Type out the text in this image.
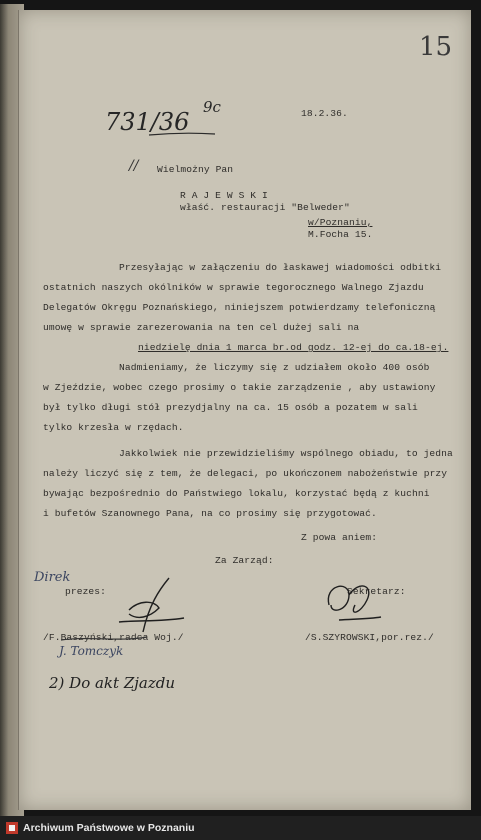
15
731/36
9c	18.2.36.
// Wielmożny Pan
R A J E W S K I
właść. restauracji "Belweder"
w/Poznaniu,
M.Focha 15.
Przesyłając w załączeniu do łaskawej wiadomości odbitki
ostatnich naszych okólników w sprawie tegorocznego Walnego Zjazdu
Delegatów Okręgu Poznańskiego, niniejszem potwierdzamy telefoniczną
umowę w sprawie zarezerowania na ten cel dużej sali na
niedzielę dnia 1 marca br.od godz. 12-ej do ca.18-ej.
Nadmieniamy, że liczymy się z udziałem około 400 osób
w Zjeździe, wobec czego prosimy o takie zarządzenie , aby ustawiony
był tylko długi stół prezydjalny na ca. 15 osób a pozatem w sali
tylko krzesła w rzędach.
Jakkolwiek nie przewidzieliśmy wspólnego obiadu, to jedna
należy liczyć się z tem, że delegaci, po ukończonem nabożeństwie przy
bywając bezpośrednio do Państwiego lokalu, korzystać będą z kuchni
i bufetów Szanownego Pana, na co prosimy się przygotować.
Z powa aniem:
Za Zarząd:
Direk
prezes:	Sekretarz:
/F.Baszyński,radca Woj./	/S.SZYROWSKI,por.rez./
J. Tomczyk
2) Do akt Zjazdu
Archiwum Państwowe w Poznaniu
